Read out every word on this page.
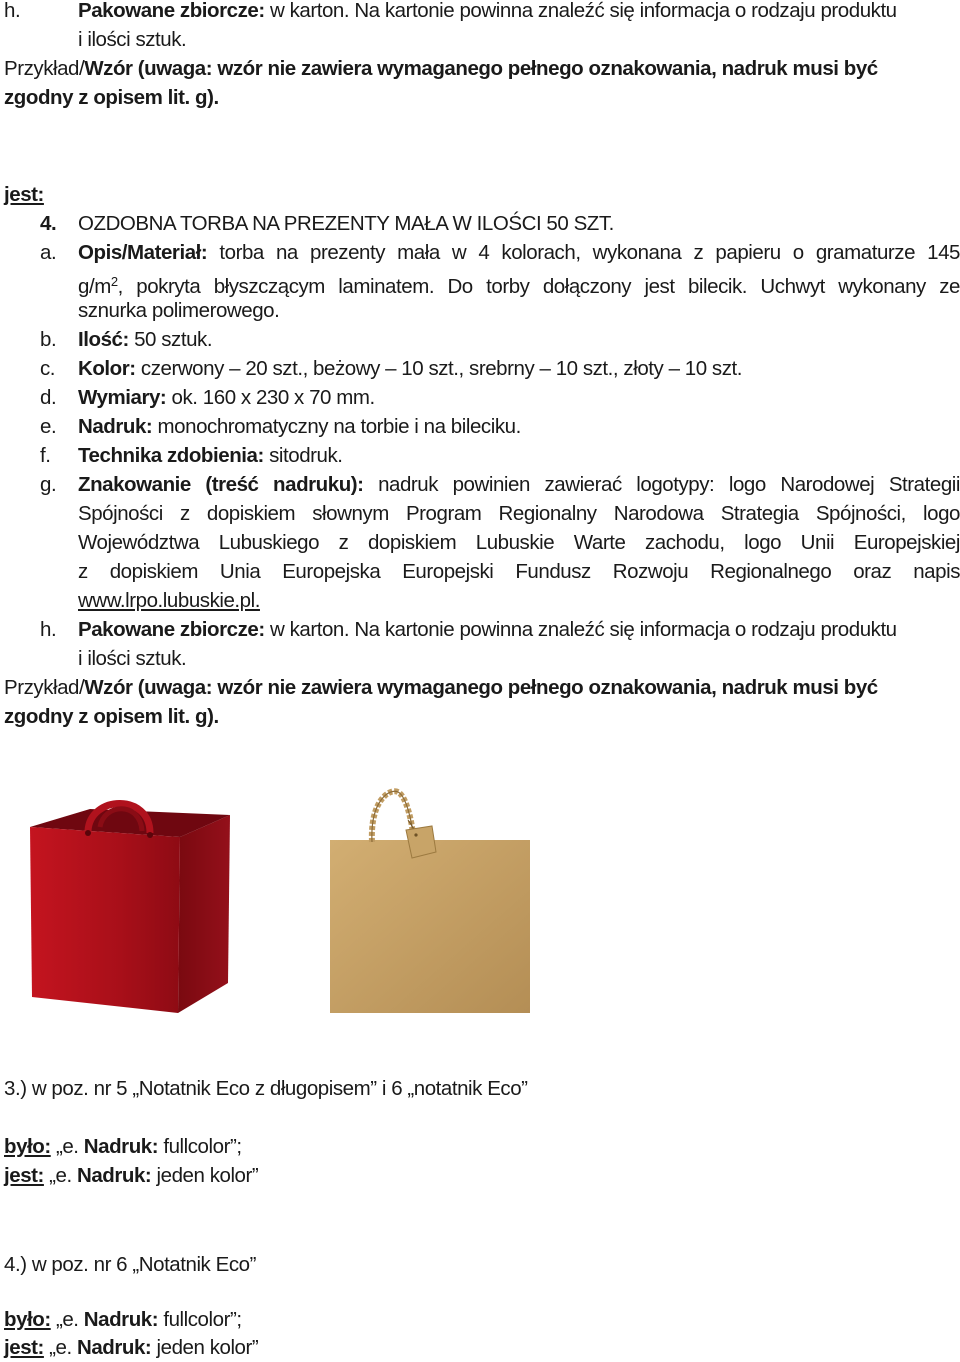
h.	Pakowane zbiorcze: w karton. Na kartonie powinna znaleźć się informacja o rodzaju produktu
i ilości sztuk.
Przykład/Wzór (uwaga: wzór nie zawiera wymaganego pełnego oznakowania, nadruk musi być
zgodny z opisem lit. g).
jest:
4. OZDOBNA TORBA NA PREZENTY MAŁA W ILOŚCI 50 SZT.
a. Opis/Materiał: torba na prezenty mała w 4 kolorach, wykonana z papieru o gramaturze 145
$g/m^2$, pokryta błyszczącym laminatem. Do torby dołączony jest bilecik. Uchwyt wykonany ze
sznurka polimerowego.
b. Ilość: 50 sztuk.
c. Kolor: czerwony – 20 szt., beżowy – 10 szt., srebrny – 10 szt., złoty – 10 szt.
d. Wymiary: ok. 160 x 230 x 70 mm.
e. Nadruk: monochromatyczny na torbie i na bileciku.
f. Technika zdobienia: sitodruk.
g. Znakowanie (treść nadruku): nadruk powinien zawierać logotypy: logo Narodowej Strategii
Spójności z dopiskiem słownym Program Regionalny Narodowa Strategia Spójności, logo
Województwa Lubuskiego z dopiskiem Lubuskie Warte zachodu, logo Unii Europejskiej
z dopiskiem Unia Europejska Europejski Fundusz Rozwoju Regionalnego oraz napis
www.lrpo.lubuskie.pl.
h. Pakowane zbiorcze: w karton. Na kartonie powinna znaleźć się informacja o rodzaju produktu
i ilości sztuk.
Przykład/Wzór (uwaga: wzór nie zawiera wymaganego pełnego oznakowania, nadruk musi być
zgodny z opisem lit. g).
3.) w poz. nr 5 „Notatnik Eco z długopisem” i 6 „notatnik Eco”
było: „e. Nadruk: fullcolor”;
jest: „e. Nadruk: jeden kolor”
4.) w poz. nr 6 „Notatnik Eco”
było: „e. Nadruk: fullcolor”;
jest: „e. Nadruk: jeden kolor”
